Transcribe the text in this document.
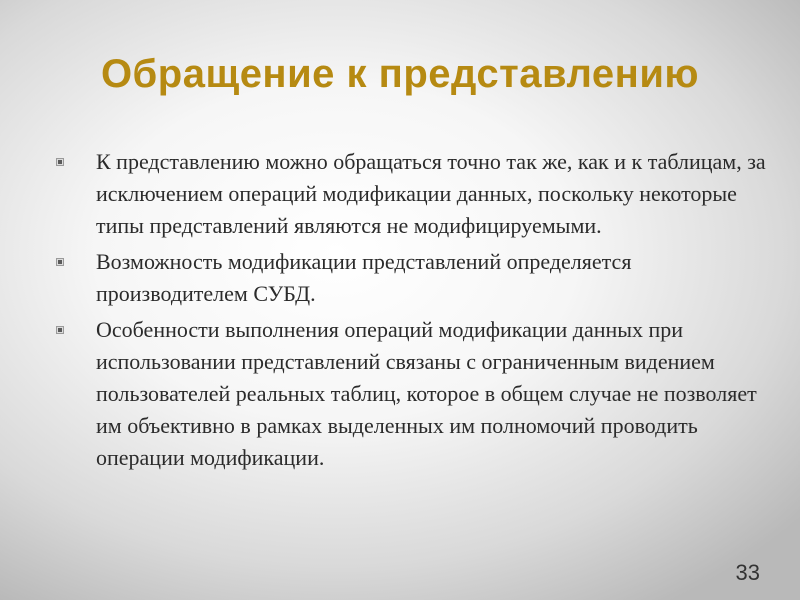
Обращение к представлению
К представлению можно обращаться точно так же, как и к таблицам, за исключением операций модификации данных, поскольку некоторые типы представлений являются не модифицируемыми.
Возможность модификации представлений определяется производителем СУБД.
Особенности выполнения операций модификации данных при использовании представлений связаны с ограниченным видением пользователей реальных таблиц, которое в общем случае не позволяет им объективно в рамках выделенных им полномочий проводить операции модификации.
33
